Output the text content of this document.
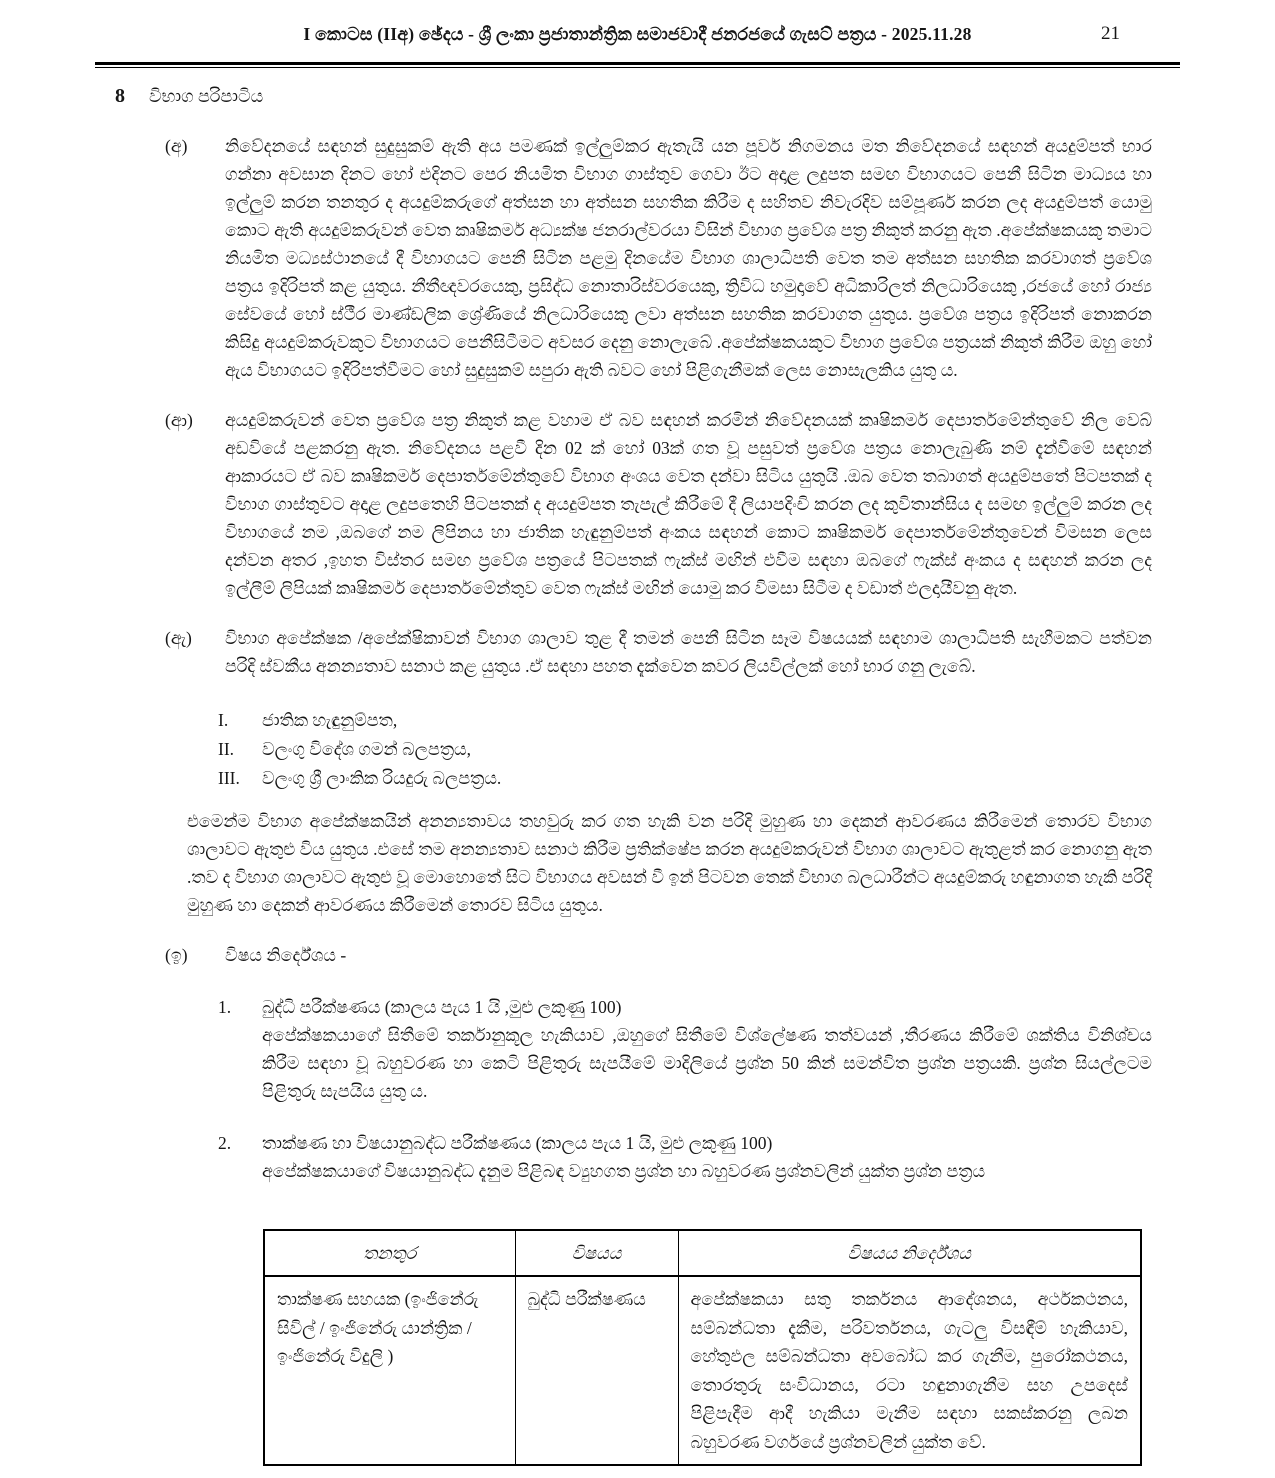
I කොටස (IIඅ) ඡේදය - ශ්‍රී ලංකා ප්‍රජාතාන්ත්‍රික සමාජවාදී ජනරජයේ ගැසට් පත්‍රය - 2025.11.28	21
8 විභාග පරිපාටිය
(අ) නිවේදනයේ සඳහන් සුදුසුකම් ඇති අය පමණක් ඉල්ලුම්කර ඇතැයි යන පූර්ව නිගමනය මත නිවේදනයේ සඳහන් අයදුම්පත් භාර ගන්නා අවසාන දිනට හෝ එදිනට පෙර නියමිත විභාග ගාස්තුව ගෙවා ඊට අදාළ ලදුපත සමඟ විභාගයට පෙනී සිටින මාධ්‍යය හා ඉල්ලුම් කරන තනතුර ද අයදුම්කරුගේ අත්සන හා අත්සන සහතික කිරීම ද සහිතව නිවැරදිව සම්පූර්ණ කරන ලද අයදුම්පත් යොමු කොට ඇති අයදුම්කරුවන් වෙත කෘෂිකර්ම අධ්‍යක්ෂ ජනරාල්වරයා විසින් විභාග ප්‍රවේශ පත්‍ර නිකුත් කරනු ඇත .අපේක්ෂකයකු තමාට නියමිත මධ්‍යස්ථානයේ දී විභාගයට පෙනී සිටින පළමු දිනයේම විභාග ශාලාධිපති වෙත තම අත්සන සහතික කරවාගත් ප්‍රවේශ පත්‍රය ඉදිරිපත් කළ යුතුය. නීතීඥවරයෙකු, ප්‍රසිද්ධ නොතාරිස්වරයෙකු, ත්‍රිවිධ හමුදාවේ අධිකාරිලත් නිලධාරියෙකු ,රජයේ හෝ රාජ්‍ය සේවයේ හෝ ස්ථීර මාණ්ඩලික ශ්‍රේණියේ නිලධාරියෙකු ලවා අත්සන සහතික කරවාගත යුතුය. ප්‍රවේශ පත්‍රය ඉදිරිපත් නොකරන කිසිදු අයදුම්කරුවකුට විභාගයට පෙනීසිටීමට අවසර දෙනු නොලැබේ .අපේක්ෂකයකුට විභාග ප්‍රවේශ පත්‍රයක් නිකුත් කිරීම ඔහු හෝ ඇය විභාගයට ඉදිරිපත්වීමට හෝ සුදුසුකම් සපුරා ඇති බවට හෝ පිළිගැනීමක් ලෙස නොසැලකිය යුතු ය.

(ආ) අයදුම්කරුවන් වෙත ප්‍රවේශ පත්‍ර නිකුත් කළ වහාම ඒ බව සඳහන් කරමින් නිවේදනයක් කෘෂිකර්ම දෙපාර්තමේන්තුවේ නිල වෙබ් අඩවියේ පළකරනු ඇත. නිවේදනය පළවී දින 02 ක් හෝ 03ක් ගත වූ පසුවත් ප්‍රවේශ පත්‍රය නොලැබුණි නම් දැන්වීමේ සඳහන් ආකාරයට ඒ බව කෘෂිකර්ම දෙපාර්තමේන්තුවේ විභාග අංශය වෙත දන්වා සිටිය යුතුයි .ඔබ වෙත තබාගත් අයදුම්පතේ පිටපතක් ද විභාග ගාස්තුවට අදාළ ලදුපතෙහි පිටපතක් ද අයදුම්පත තැපැල් කිරීමේ දී ලියාපදිංචි කරන ලද කුවිතාන්සිය ද සමඟ ඉල්ලුම් කරන ලද විභාගයේ නම ,ඔබගේ නම ලිපිනය හා ජාතික හැඳුනුම්පත් අංකය සඳහන් කොට කෘෂිකර්ම දෙපාර්තමේන්තුවෙන් විමසන ලෙස දන්වන අතර ,ඉහත විස්තර සමඟ ප්‍රවේශ පත්‍රයේ පිටපතක් ෆැක්ස් මඟින් එවීම සඳහා ඔබගේ ෆැක්ස් අංකය ද සඳහන් කරන ලද ඉල්ලීම් ලිපියක් කෘෂිකර්ම දෙපාර්තමේන්තුව වෙත ෆැක්ස් මඟින් යොමු කර විමසා සිටීම ද වඩාත් ඵලදායීවනු ඇත.

(ඇ) විභාග අපේක්ෂක /අපේක්ෂිකාවන් විභාග ශාලාව තුළ දී තමන් පෙනී සිටින සෑම විෂයයක් සඳහාම ශාලාධිපති සැහීමකට පත්වන පරිදි ස්වකීය අනන්‍යතාව සනාථ කළ යුතුය .ඒ සඳහා පහත දැක්වෙන කවර ලියවිල්ලක් හෝ භාර ගනු ලැබේ.

I.	ජාතික හැඳුනුම්පත,
II.	වලංගු විදේශ ගමන් බලපත්‍රය,
III.	වලංගු ශ්‍රී ලාංකික රියදුරු බලපත්‍රය.
එමෙන්ම විභාග අපේක්ෂකයින් අනන්‍යතාවය තහවුරු කර ගත හැකි වන පරිදි මුහුණ හා දෙකන් ආවරණය කිරීමෙන් තොරව විභාග ශාලාවට ඇතුළු විය යුතුය .එසේ තම අනන්‍යතාව සනාථ කිරීම ප්‍රතික්ෂේප කරන අයදුම්කරුවන් විභාග ශාලාවට ඇතුළත් කර නොගනු ඇත .තව ද විභාග ශාලාවට ඇතුළු වූ මොහොතේ සිට විභාගය අවසන් වී ඉන් පිටවන තෙක් විභාග බලධාරීන්ට අයදුම්කරු හඳුනාගත හැකි පරිදි මුහුණ හා දෙකන් ආවරණය කිරීමෙන් තොරව සිටිය යුතුය.
(ඉ) විෂය නිර්දේශය -

1.	බුද්ධි පරීක්ෂණය (කාලය පැය 1 යි ,මුළු ලකුණු 100)

අපේක්ෂකයාගේ සිතීමේ තර්කානුකූල හැකියාව ,ඔහුගේ සිතීමේ විශ්ලේෂණ තත්වයන් ,තීරණය කිරීමේ ශක්තිය විනිශ්චය කිරීම සඳහා වූ බහුවරණ හා කෙටි පිළිතුරු සැපයීමේ මාදිලියේ ප්‍රශ්න 50 කින් සමන්විත ප්‍රශ්න පත්‍රයකි. ප්‍රශ්න සියල්ලටම පිළිතුරු සැපයිය යුතු ය.

2.	තාක්ෂණ හා විෂයානුබද්ධ පරීක්ෂණය (කාලය පැය 1 යි, මුළු ලකුණු 100)

අපේක්ෂකයාගේ විෂයානුබද්ධ දැනුම පිළිබඳ ව්‍යුහගත ප්‍රශ්න හා බහුවරණ ප්‍රශ්නවලින් යුක්ත ප්‍රශ්න පත්‍රය

තනතුර	විෂයය	විෂයය නිර්දේශය
තාක්ෂණ සහයක (ඉංජිනේරු සිවිල් / ඉංජිනේරු යාන්ත්‍රික / ඉංජිනේරු විදුලි )	බුද්ධි පරීක්ෂණය	අපේක්ෂකයා සතු තර්කනය ආදේශනය, අර්ථකථනය, සම්බන්ධතා දැකීම, පරිවර්තනය, ගැටලු විසඳීම් හැකියාව, හේතුඵල සම්බන්ධතා අවබෝධ කර ගැනීම, පුරෝකථනය, තොරතුරු සංවිධානය, රටා හඳුනාගැනීම සහ උපදෙස් පිළිපැදීම ආදී හැකියා මැනීම සඳහා සකස්කරනු ලබන බහුවරණ වර්ගයේ ප්‍රශ්නවලින් යුක්ත වේ.
